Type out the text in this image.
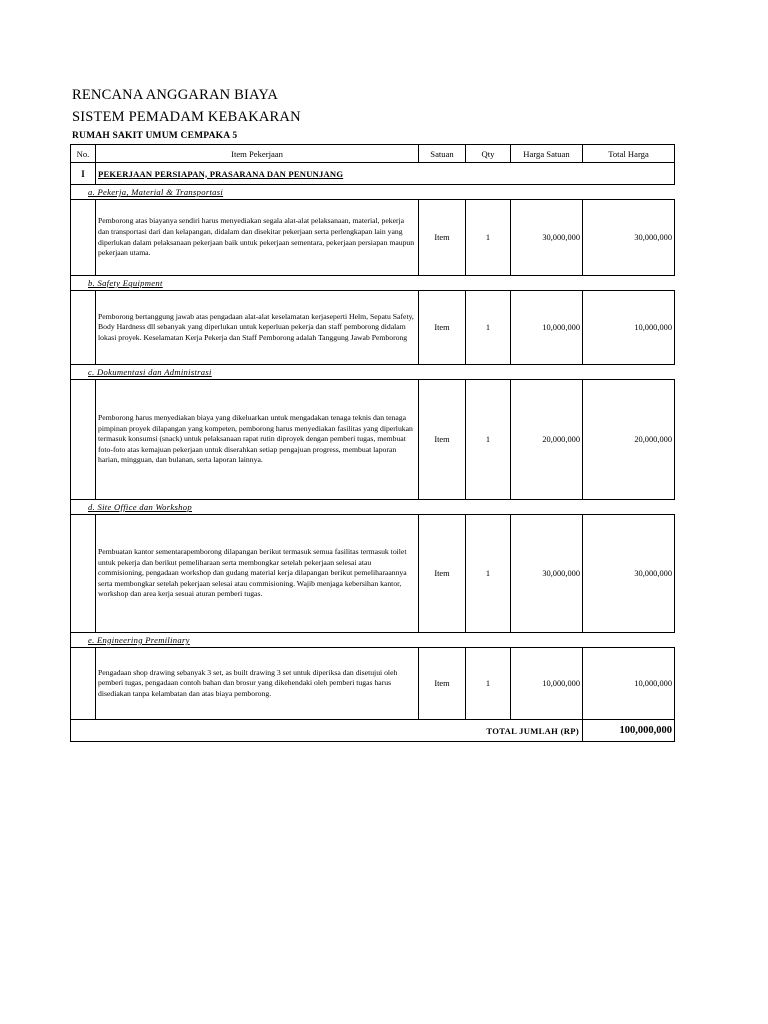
RENCANA ANGGARAN BIAYA
SISTEM PEMADAM KEBAKARAN
RUMAH SAKIT UMUM CEMPAKA 5
No.	Item Pekerjaan	Satuan	Qty	Harga Satuan	Total Harga
I	PEKERJAAN PERSIAPAN, PRASARANA DAN PENUNJANG				
a. Pekerja, Material & Transportasi					
	Pemborong atas biayanya sendiri harus menyediakan segala alat-alat pelaksanaan, material, pekerja dan transportasi dari dan kelapangan, didalam dan disekitar pekerjaan serta perlengkapan lain yang diperlukan dalam pelaksanaan pekerjaan baik untuk pekerjaan sementara, pekerjaan persiapan maupun pekerjaan utama.	Item	1	30,000,000	30,000,000
b. Safety Equipment					
	Pemborong bertanggung jawab atas pengadaan alat-alat keselamatan kerjaseperti Helm, Sepatu Safety, Body Hardness dll sebanyak yang diperlukan untuk keperluan pekerja dan staff pemborong didalam lokasi proyek. Keselamatan Kerja Pekerja dan Staff Pemborong adalah Tanggung Jawab Pemborong	Item	1	10,000,000	10,000,000
c. Dokumentasi dan Administrasi					
	Pemborong harus menyediakan biaya yang dikeluarkan untuk mengadakan tenaga teknis dan tenaga pimpinan proyek dilapangan yang kompeten, pemborong harus menyediakan fasilitas yang diperlukan termasuk konsumsi (snack) untuk pelaksanaan rapat rutin diproyek dengan pemberi tugas, membuat foto-foto atas kemajuan pekerjaan untuk diserahkan setiap pengajuan progress, membuat laporan harian, mingguan, dan bulanan, serta laporan lainnya.	Item	1	20,000,000	20,000,000
d. Site Office dan Workshop					
	Pembuatan kantor sementarapemborong dilapangan berikut termasuk semua fasilitas termasuk toilet untuk pekerja dan berikut pemeliharaan serta membongkar setelah pekerjaan selesai atau commisioning, pengadaan workshop dan gudang material kerja dilapangan berikut pemeliharaannya serta membongkar setelah pekerjaan selesai atau commisioning. Wajib menjaga kebersihan kantor, workshop dan area kerja sesuai aturan pemberi tugas.	Item	1	30,000,000	30,000,000
e. Engineering Premilinary					
	Pengadaan shop drawing sebanyak 3 set, as built drawing 3 set untuk diperiksa dan disetujui oleh pemberi tugas, pengadaan contoh bahan dan brosur yang dikehendaki oleh pemberi tugas harus disediakan tanpa kelambatan dan atas biaya pemborong.	Item	1	10,000,000	10,000,000
	TOTAL JUMLAH (RP)				100,000,000
